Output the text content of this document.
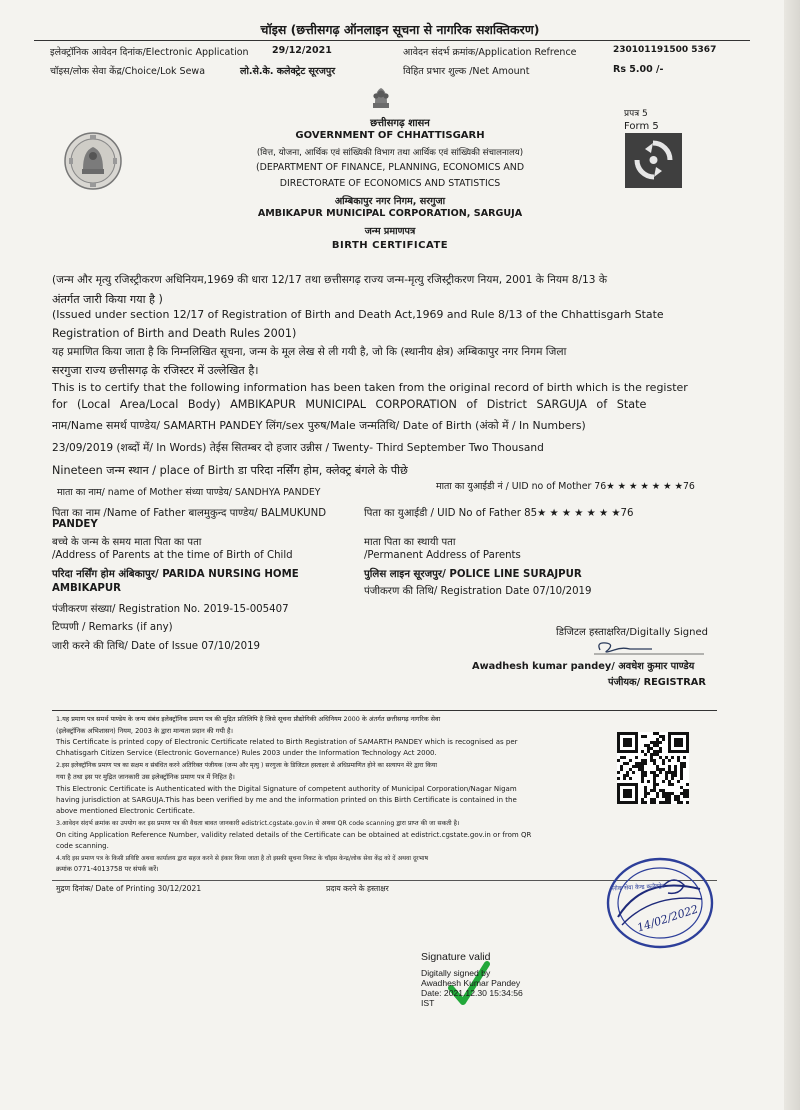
चॉइस (छत्तीसगढ़ ऑनलाइन सूचना से नागरिक सशक्तिकरण)
इलेक्ट्रॉनिक आवेदन दिनांक/Electronic Application 29/12/2021	आवेदन संदर्भ क्रमांक/Application Refrence	230101191500 5367
चॉइस/लोक सेवा केंद्र/Choice/Lok Sewa	लो.से.के. कलेक्ट्रेट सूरजपुर	विहित प्रभार शुल्क /Net Amount	Rs 5.00 /-
प्रपत्र 5
Form 5
छत्तीसगढ़ शासन
GOVERNMENT OF CHHATTISGARH
(वित्त, योजना, आर्थिक एवं सांख्यिकी विभाग तथा आर्थिक एवं सांख्यिकी संचालनालय)
(DEPARTMENT OF FINANCE, PLANNING, ECONOMICS AND
DIRECTORATE OF ECONOMICS AND STATISTICS
अम्बिकापुर नगर निगम, सरगुजा
AMBIKAPUR MUNICIPAL CORPORATION, SARGUJA
जन्म प्रमाणपत्र
BIRTH CERTIFICATE
(जन्म और मृत्यु रजिस्ट्रीकरण अधिनियम,1969 की धारा 12/17 तथा छत्तीसगढ़ राज्य जन्म-मृत्यु रजिस्ट्रीकरण नियम, 2001 के नियम 8/13 के
अंतर्गत जारी किया गया है )
(Issued under section 12/17 of Registration of Birth and Death Act,1969 and Rule 8/13 of the Chhattisgarh State
Registration of Birth and Death Rules 2001)
यह प्रमाणित किया जाता है कि निम्नलिखित सूचना, जन्म के मूल लेख से ली गयी है, जो कि (स्थानीय क्षेत्र) अम्बिकापुर नगर निगम जिला
सरगुजा राज्य छत्तीसगढ़ के रजिस्टर में उल्लेखित है।
This is to certify that the following information has been taken from the original record of birth which is the register
for (Local Area/Local Body) AMBIKAPUR MUNICIPAL CORPORATION of District SARGUJA of State
नाम/Name समर्थ पाण्डेय/ SAMARTH PANDEY लिंग/sex पुरुष/Male जन्मतिथि/ Date of Birth (अंको में / In Numbers)
23/09/2019 (शब्दों में/ In Words) तेईस सितम्बर दो हजार उन्नीस / Twenty- Third September Two Thousand
Nineteen जन्म स्थान / place of Birth डा परिदा नर्सिंग होम, क्लेक्ट्र बंगले के पीछे
माता का नाम/ name of Mother संध्या पाण्डेय/ SANDHYA PANDEY
माता का युआईडी नं / UID no of Mother 76★ ★ ★ ★ ★ ★ ★76
पिता का नाम /Name of Father बालमुकुन्द पाण्डेय/ BALMUKUND
PANDEY
पिता का युआईडी / UID No of Father 85★ ★ ★ ★ ★ ★ ★76
बच्चे के जन्म के समय माता पिता का पता
/Address of Parents at the time of Birth of Child
परिदा नर्सिंग होम अंबिकापुर/ PARIDA NURSING HOME
AMBIKAPUR
माता पिता का स्थायी पता
/Permanent Address of Parents
पुलिस लाइन सूरजपुर/ POLICE LINE SURAJPUR
पंजीकरण की तिथि/ Registration Date 07/10/2019
पंजीकरण संख्या/ Registration No. 2019-15-005407
टिप्पणी / Remarks (if any)
जारी करने की तिथि/ Date of Issue 07/10/2019
डिजिटल हस्ताक्षरित/Digitally Signed
Awadhesh kumar pandey/ अवधेश कुमार पाण्डेय
पंजीयक/ REGISTRAR
1.यह प्रमाण पत्र समर्थ पाण्डेय के जन्म संबंध इलेक्ट्रॉनिक प्रमाण पत्र की मुद्रित प्रतिलिपि है जिसे सूचना प्रौद्योगिकी अधिनियम 2000 के अंतर्गत छत्तीसगढ़ नागरिक सेवा
(इलेक्ट्रॉनिक अभिशासन) नियम, 2003 के द्वारा मान्यता प्रदान की गयी है।
This Certificate is printed copy of Electronic Certificate related to Birth Registration of SAMARTH PANDEY which is recognised as per
Chhatisgarh Citizen Service (Electronic Governance) Rules 2003 under the Information Technology Act 2000.
2.इस इलेक्ट्रॉनिक प्रमाण पत्र का सक्षम व संबंधित करने अतिरिक्त पंजीयक (जन्म और मृत्यु ) सरगुजा के डिजिटल हस्ताक्षर से अधिप्रमाणित होने का सत्यापन मेरे द्वारा किया
गया है तथा इस पर मुद्रित जानकारी उस इलेक्ट्रॉनिक प्रमाण पत्र में निहित है।
This Electronic Certificate is Authenticated with the Digital Signature of competent authority of Municipal Corporation/Nagar Nigam
having jurisdiction at SARGUJA.This has been verified by me and the information printed on this Birth Certificate is contained in the
above mentioned Electronic Certificate.
3.आवेदन संदर्भ क्रमांक का उपयोग कर इस प्रमाण पत्र की वैधता बावत जानकारी edistrict.cgstate.gov.in से अथवा QR code scanning द्वारा प्राप्त की जा सकती है।
On citing Application Reference Number, validity related details of the Certificate can be obtained at edistrict.cgstate.gov.in or from QR
code scanning.
4.यदि इस प्रमाण पत्र के किसी प्रविष्टि अथवा कार्यालय द्वारा सहज करने से इंकार किया जाता है तो इसकी सूचना निकट के चॉइस केन्द्र/लोक सेवा केंद्र को दें अथवा दूरभाष
क्रमांक 0771-4013758 पर संपर्क करें।
मुद्रण दिनांक/ Date of Printing 30/12/2021	प्रदाय करने के हस्ताक्षर	लोक सेवा केन्द्र कलेक्ट्रेट
14/02/2022
Signature valid
Digitally signed by
Awadhesh Kumar Pandey
Date: 2021.12.30 15:34:56
IST
